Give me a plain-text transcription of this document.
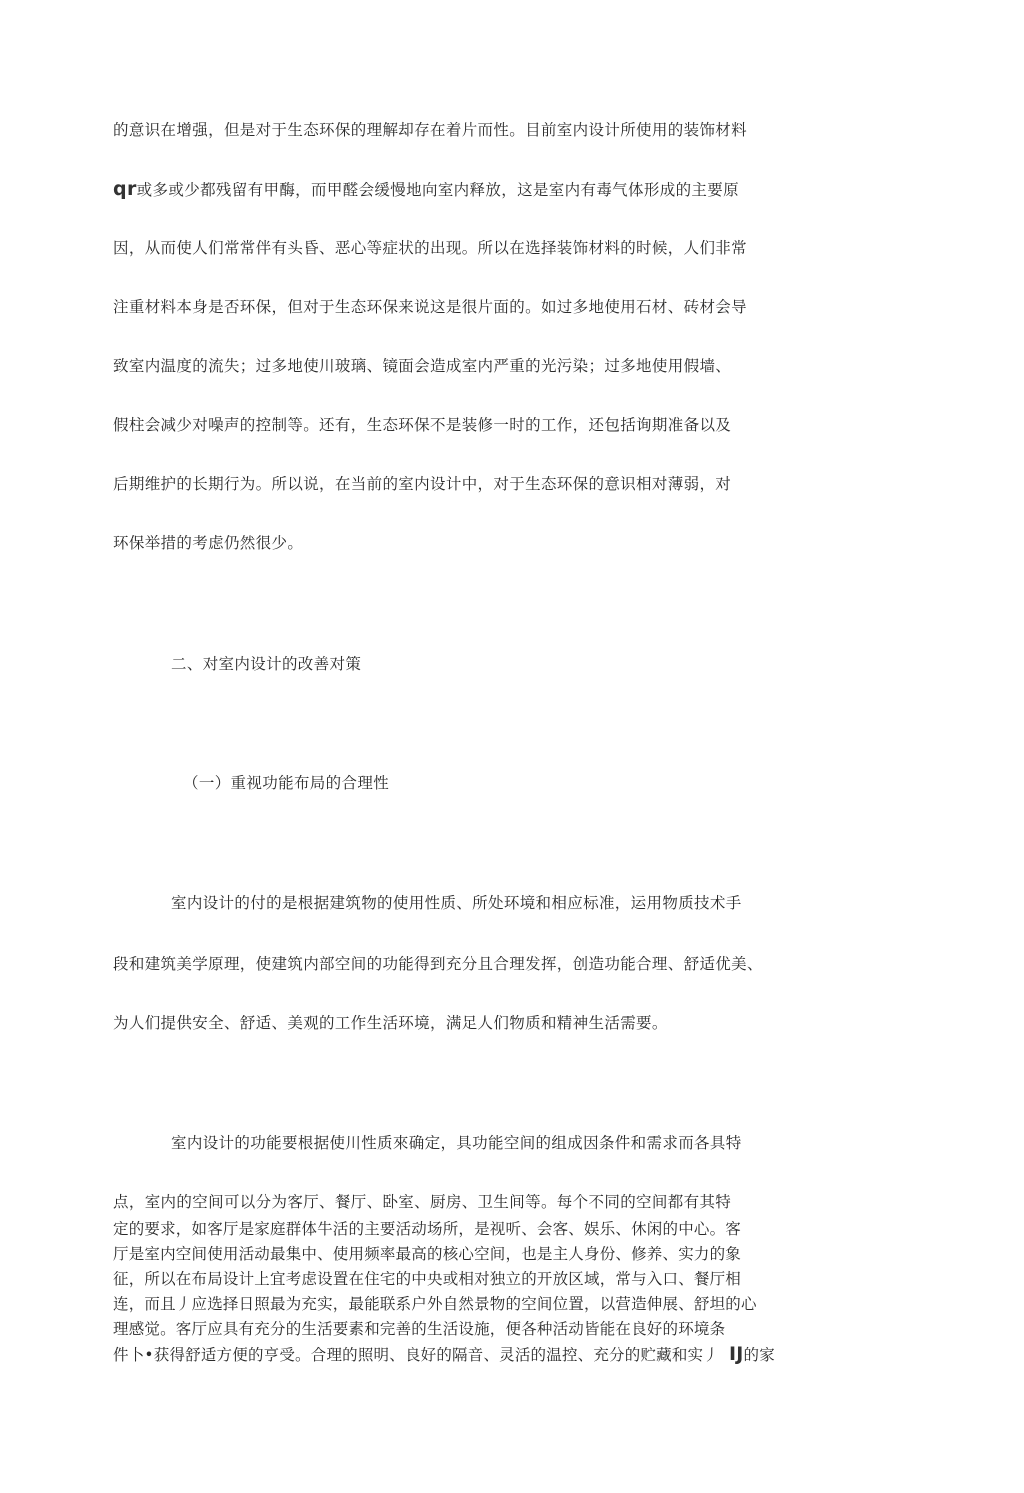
的意识在增强，但是对于生态环保的理解却存在着片而性。目前室内设计所使用的装饰材料
qr或多或少都残留有甲酶，而甲醛会缓慢地向室内释放，这是室内有毒气体形成的主要原
因，从而使人们常常伴有头昏、恶心等症状的出现。所以在选择装饰材料的时候，人们非常
注重材料本身是否环保，但对于生态环保来说这是很片面的。如过多地使用石材、砖材会导
致室内温度的流失；过多地使川玻璃、镜面会造成室内严重的光污染；过多地使用假墙、
假柱会减少对噪声的控制等。还有，生态环保不是装修一时的工作，还包括询期准备以及
后期维护的长期行为。所以说，在当前的室内设计中，对于生态环保的意识相对薄弱，对
环保举措的考虑仍然很少。
二、对室内设计的改善对策
（一）重视功能布局的合理性
室内设计的付的是根据建筑物的使用性质、所处环境和相应标准，运用物质技术手
段和建筑美学原理，使建筑内部空间的功能得到充分且合理发挥，创造功能合理、舒适优美、
为人们提供安全、舒适、美观的工作生活环境，满足人们物质和精神生活需要。
室内设计的功能要根据使川性质來确定，具功能空间的组成因条件和需求而各具特
点，室内的空间可以分为客厅、餐厅、卧室、厨房、卫生间等。每个不同的空间都有其特
定的要求，如客厅是家庭群体牛活的主要活动场所，是视听、会客、娱乐、休闲的中心。客
厅是室内空间使用活动最集中、使用频率最高的核心空间，也是主人身份、修养、实力的象
征，所以在布局设计上宜考虑设置在住宅的中央或相对独立的开放区域，常与入口、餐厅相
连，而且丿应选择日照最为充实，最能联系户外自然景物的空间位置，以营造伸展、舒坦的心
理感觉。客厅应具有充分的生活要素和完善的生活设施，便各种活动皆能在良好的环境条
件卜•获得舒适方便的亨受。合理的照明、良好的隔音、灵活的温控、充分的贮藏和实丿 IJ的家
